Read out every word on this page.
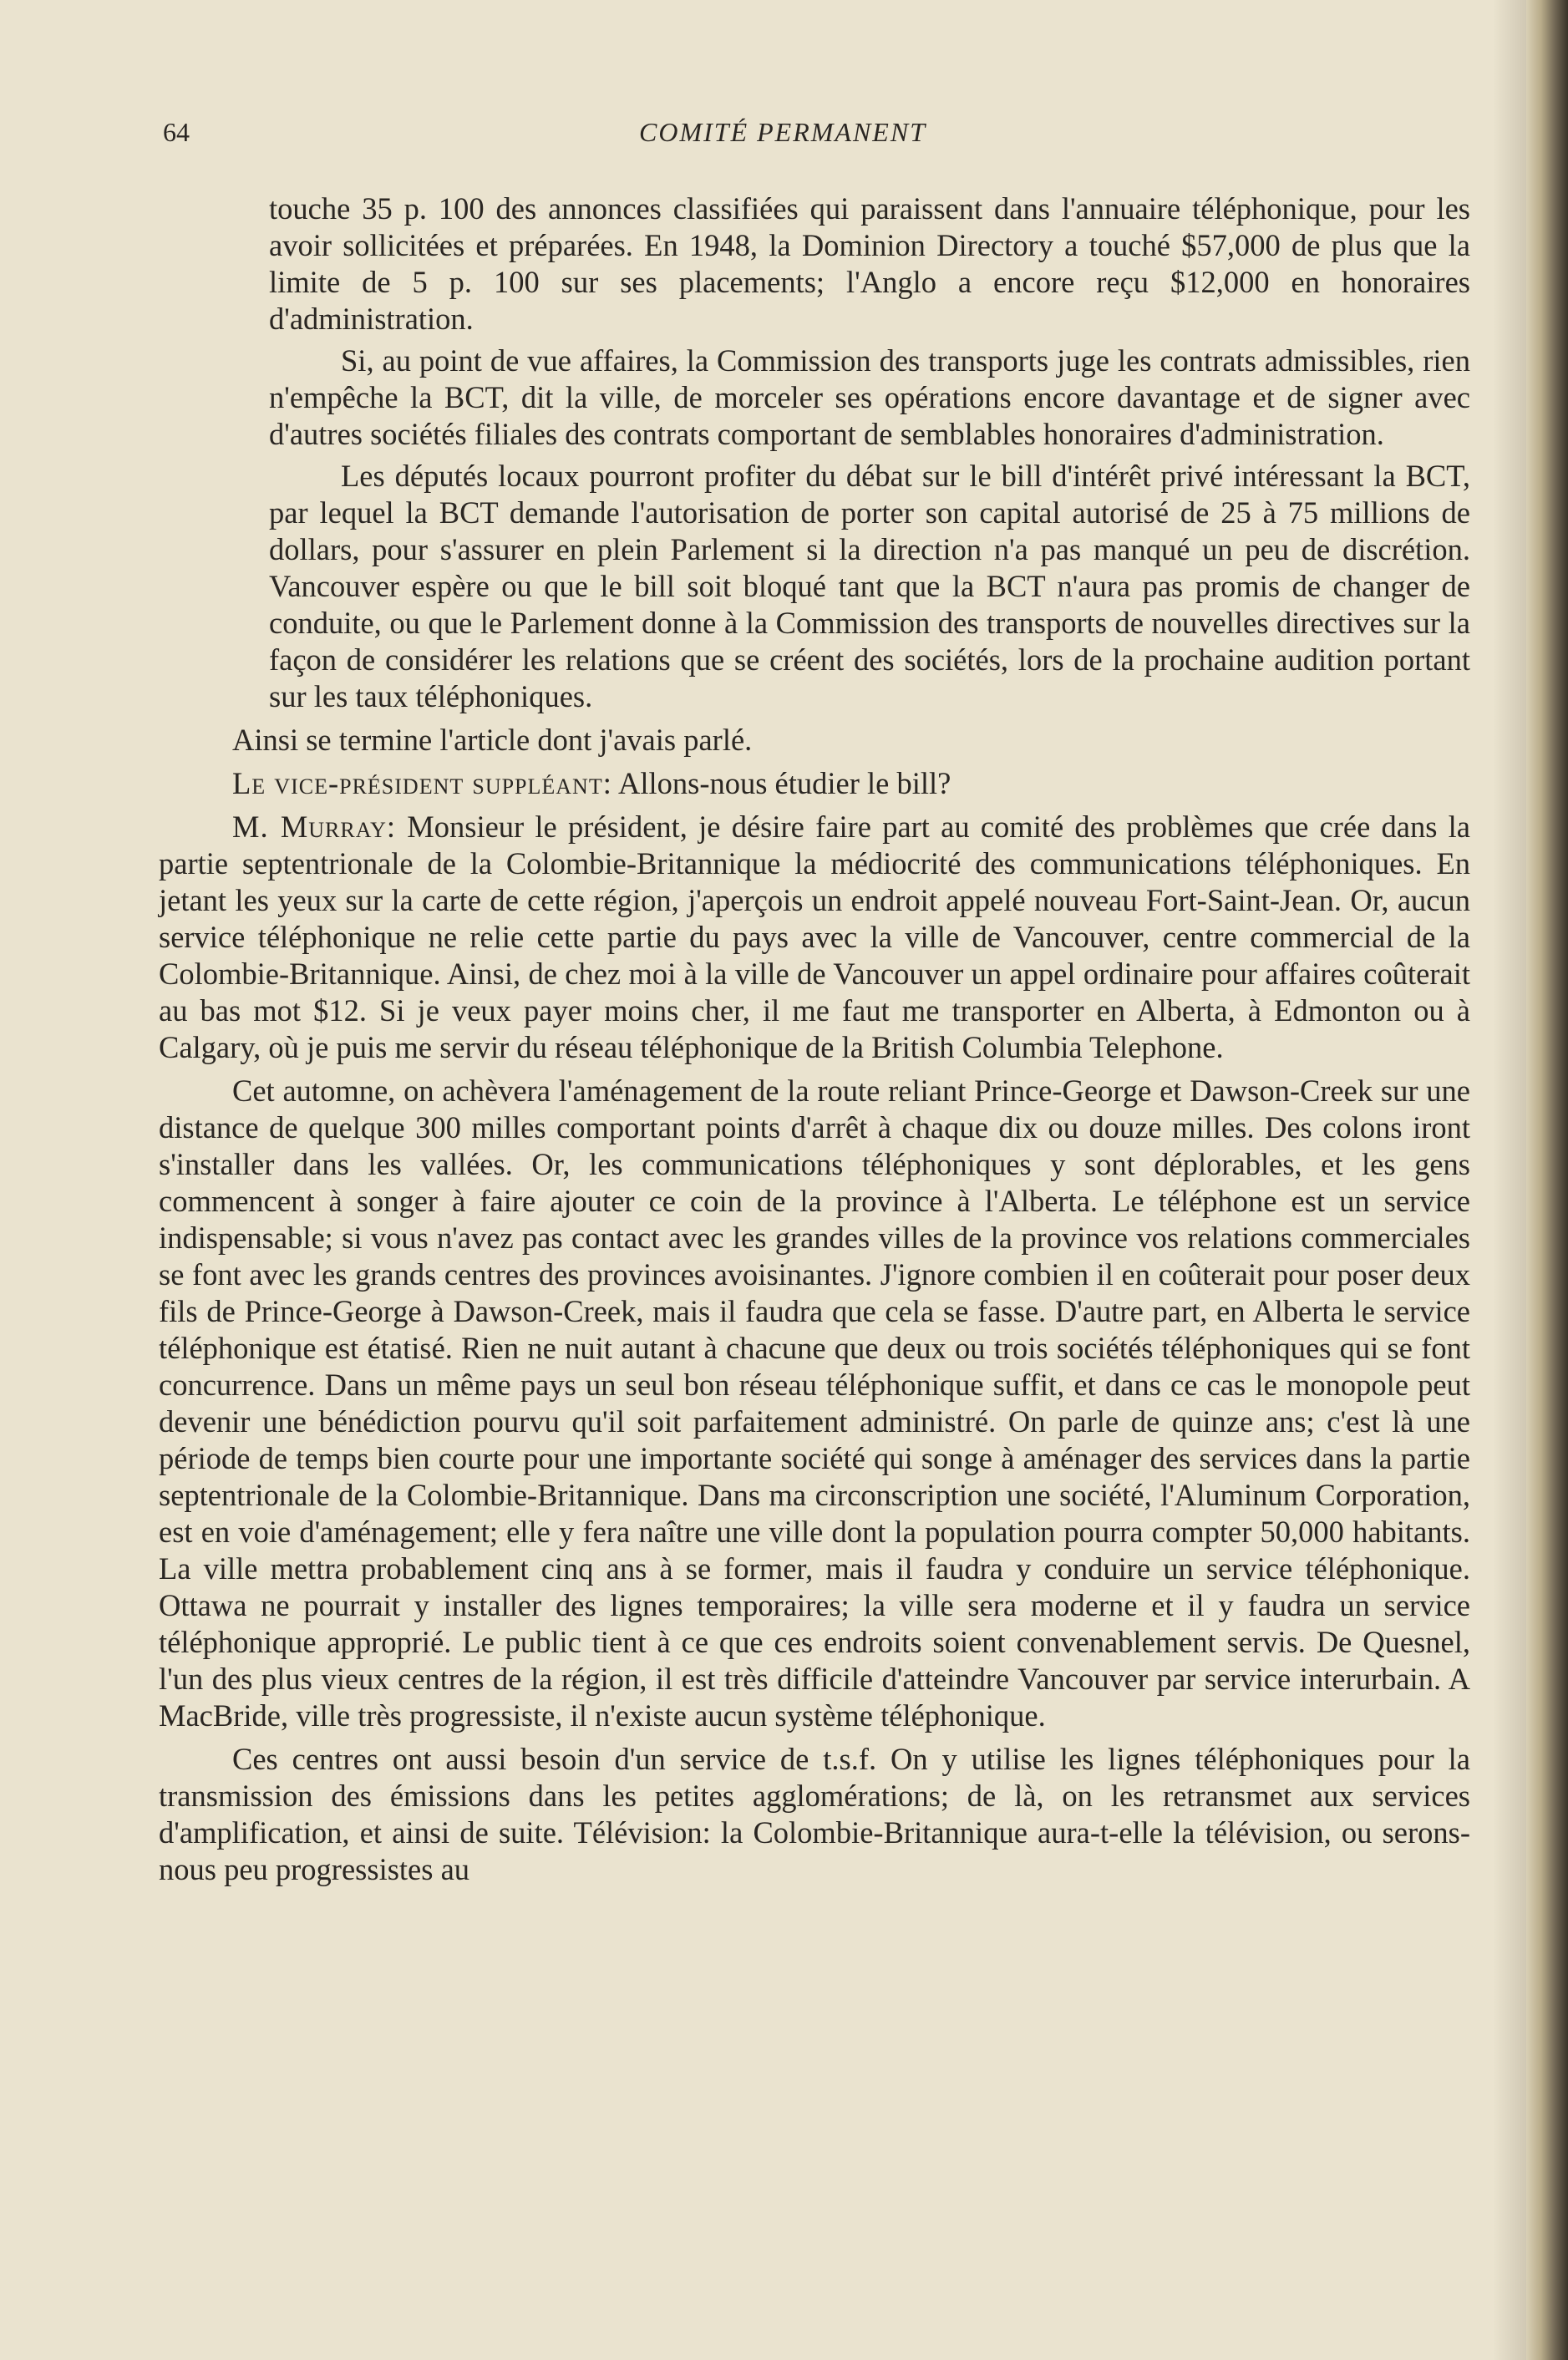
64	COMITÉ PERMANENT

touche 35 p. 100 des annonces classifiées qui paraissent dans l'annuaire téléphonique, pour les avoir sollicitées et préparées. En 1948, la Dominion Directory a touché $57,000 de plus que la limite de 5 p. 100 sur ses placements; l'Anglo a encore reçu $12,000 en honoraires d'administration.

Si, au point de vue affaires, la Commission des transports juge les contrats admissibles, rien n'empêche la BCT, dit la ville, de morceler ses opérations encore davantage et de signer avec d'autres sociétés filiales des contrats comportant de semblables honoraires d'administration.

Les députés locaux pourront profiter du débat sur le bill d'intérêt privé intéressant la BCT, par lequel la BCT demande l'autorisation de porter son capital autorisé de 25 à 75 millions de dollars, pour s'assurer en plein Parlement si la direction n'a pas manqué un peu de discrétion. Vancouver espère ou que le bill soit bloqué tant que la BCT n'aura pas promis de changer de conduite, ou que le Parlement donne à la Commission des transports de nouvelles directives sur la façon de considérer les relations que se créent des sociétés, lors de la prochaine audition portant sur les taux téléphoniques.

Ainsi se termine l'article dont j'avais parlé.

Le vice-président suppléant: Allons-nous étudier le bill?

M. Murray: Monsieur le président, je désire faire part au comité des problèmes que crée dans la partie septentrionale de la Colombie-Britannique la médiocrité des communications téléphoniques. En jetant les yeux sur la carte de cette région, j'aperçois un endroit appelé nouveau Fort-Saint-Jean. Or, aucun service téléphonique ne relie cette partie du pays avec la ville de Vancouver, centre commercial de la Colombie-Britannique. Ainsi, de chez moi à la ville de Vancouver un appel ordinaire pour affaires coûterait au bas mot $12. Si je veux payer moins cher, il me faut me transporter en Alberta, à Edmonton ou à Calgary, où je puis me servir du réseau téléphonique de la British Columbia Telephone.

Cet automne, on achèvera l'aménagement de la route reliant Prince-George et Dawson-Creek sur une distance de quelque 300 milles comportant points d'arrêt à chaque dix ou douze milles. Des colons iront s'installer dans les vallées. Or, les communications téléphoniques y sont déplorables, et les gens commencent à songer à faire ajouter ce coin de la province à l'Alberta. Le téléphone est un service indispensable; si vous n'avez pas contact avec les grandes villes de la province vos relations commerciales se font avec les grands centres des provinces avoisinantes. J'ignore combien il en coûterait pour poser deux fils de Prince-George à Dawson-Creek, mais il faudra que cela se fasse. D'autre part, en Alberta le service téléphonique est étatisé. Rien ne nuit autant à chacune que deux ou trois sociétés téléphoniques qui se font concurrence. Dans un même pays un seul bon réseau téléphonique suffit, et dans ce cas le monopole peut devenir une bénédiction pourvu qu'il soit parfaitement administré. On parle de quinze ans; c'est là une période de temps bien courte pour une importante société qui songe à aménager des services dans la partie septentrionale de la Colombie-Britannique. Dans ma circonscription une société, l'Aluminum Corporation, est en voie d'aménagement; elle y fera naître une ville dont la population pourra compter 50,000 habitants. La ville mettra probablement cinq ans à se former, mais il faudra y conduire un service téléphonique. Ottawa ne pourrait y installer des lignes temporaires; la ville sera moderne et il y faudra un service téléphonique approprié. Le public tient à ce que ces endroits soient convenablement servis. De Quesnel, l'un des plus vieux centres de la région, il est très difficile d'atteindre Vancouver par service interurbain. A MacBride, ville très progressiste, il n'existe aucun système téléphonique.

Ces centres ont aussi besoin d'un service de t.s.f. On y utilise les lignes téléphoniques pour la transmission des émissions dans les petites agglomérations; de là, on les retransmet aux services d'amplification, et ainsi de suite. Télévision: la Colombie-Britannique aura-t-elle la télévision, ou serons-nous peu progressistes au
